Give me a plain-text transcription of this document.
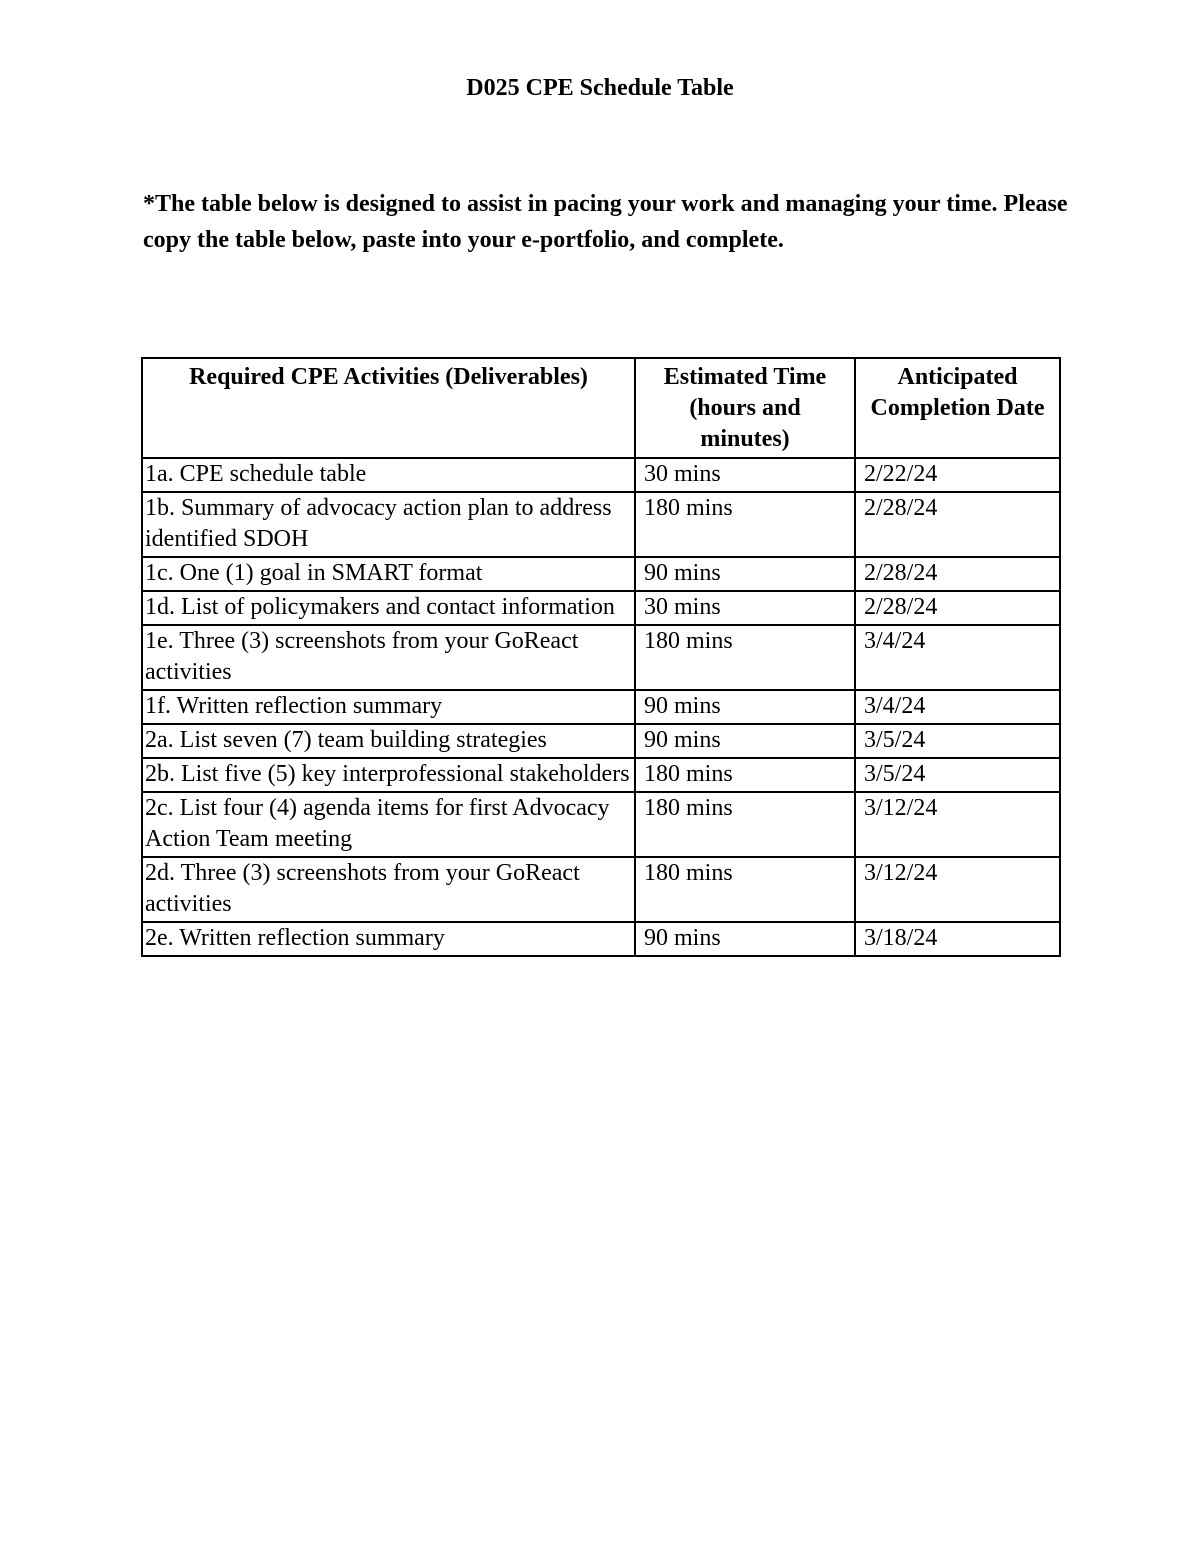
D025 CPE Schedule Table
*The table below is designed to assist in pacing your work and managing your time. Please copy the table below, paste into your e-portfolio, and complete.
Required CPE Activities (Deliverables)	Estimated Time (hours and minutes)	Anticipated Completion Date
1a. CPE schedule table	30 mins	2/22/24
1b. Summary of advocacy action plan to address identified SDOH	180 mins	2/28/24
1c. One (1) goal in SMART format	90 mins	2/28/24
1d. List of policymakers and contact information	30 mins	2/28/24
1e. Three (3) screenshots from your GoReact activities	180 mins	3/4/24
1f. Written reflection summary	90 mins	3/4/24
2a. List seven (7) team building strategies	90 mins	3/5/24
2b. List five (5) key interprofessional stakeholders	180 mins	3/5/24
2c. List four (4) agenda items for first Advocacy Action Team meeting	180 mins	3/12/24
2d. Three (3) screenshots from your GoReact activities	180 mins	3/12/24
2e. Written reflection summary	90 mins	3/18/24
